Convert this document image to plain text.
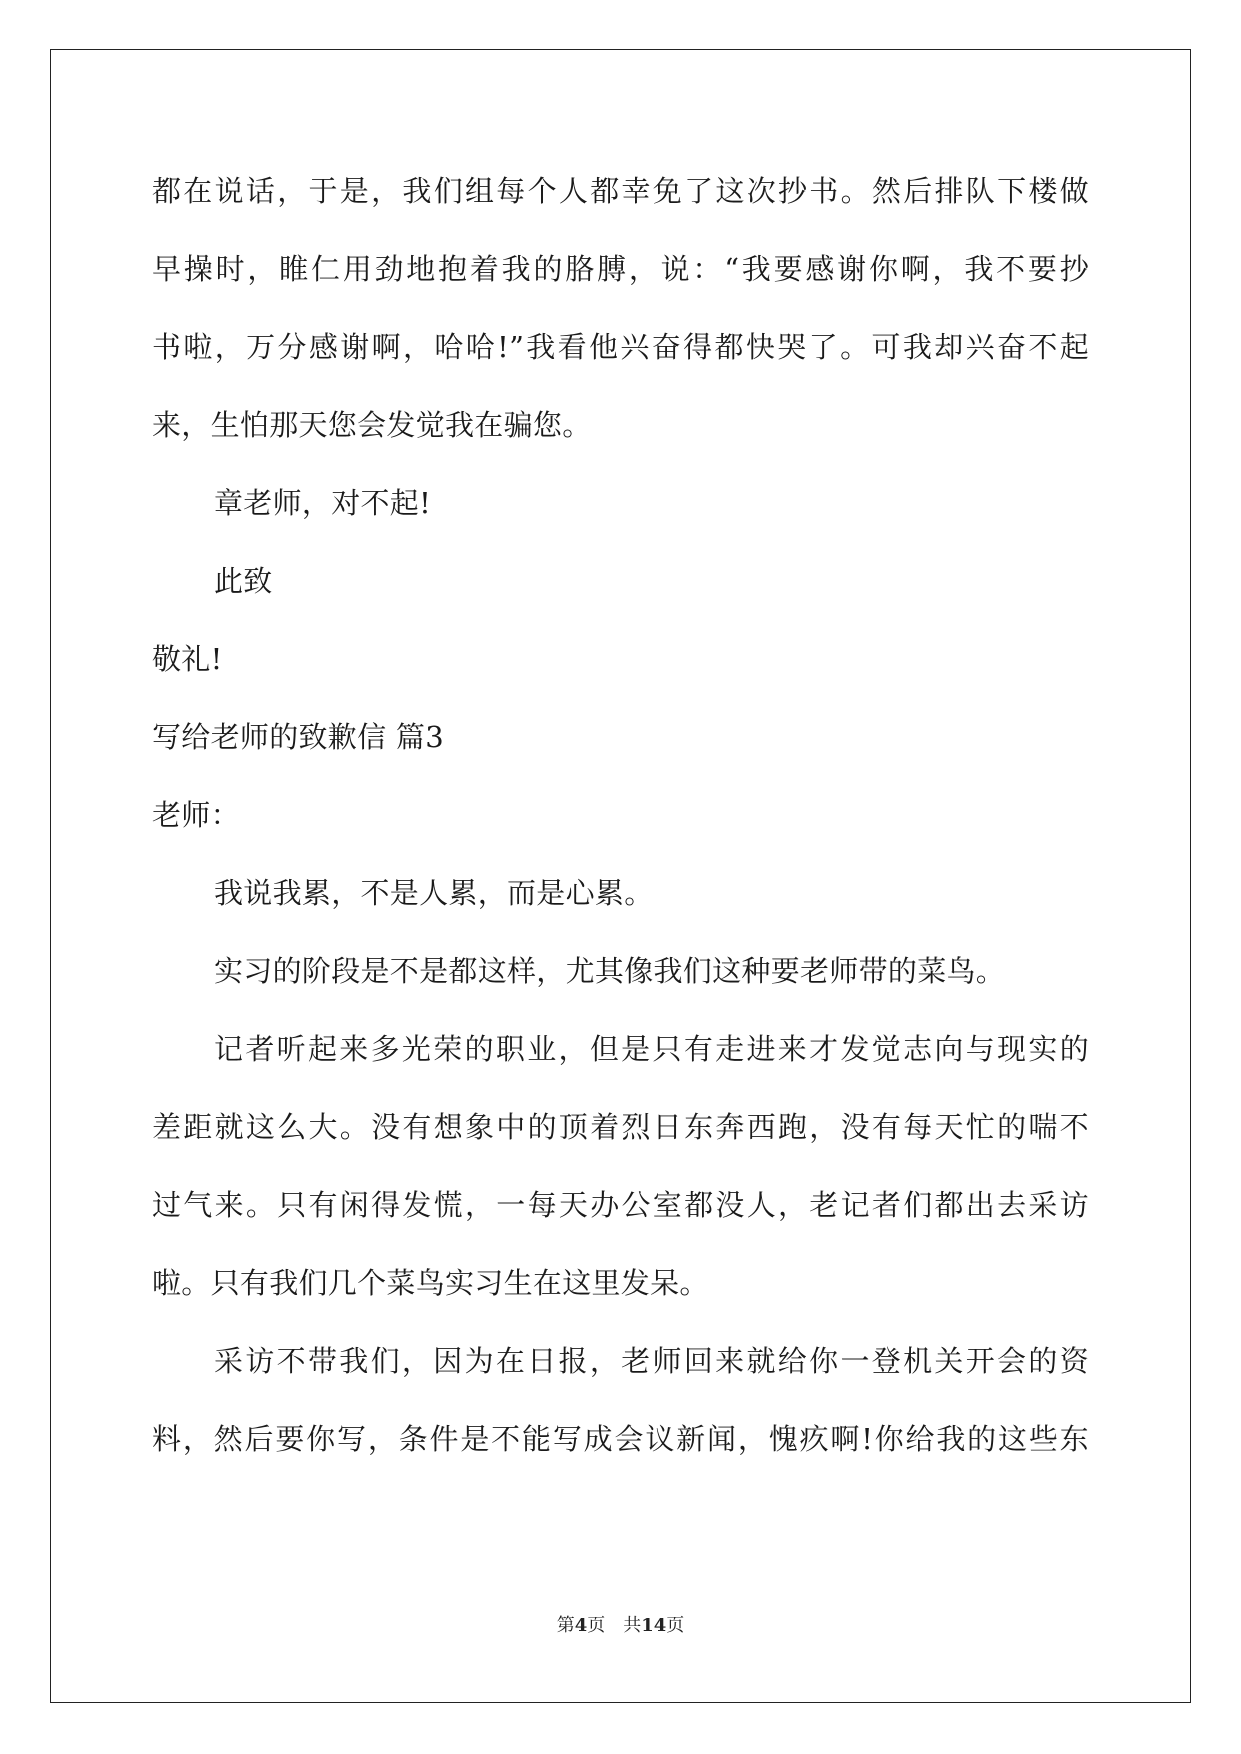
都在说话，于是，我们组每个人都幸免了这次抄书。然后排队下楼做
早操时，睢仁用劲地抱着我的胳膊，说：“我要感谢你啊，我不要抄
书啦，万分感谢啊，哈哈!”我看他兴奋得都快哭了。可我却兴奋不起
来，生怕那天您会发觉我在骗您。
章老师，对不起!
此致
敬礼!
写给老师的致歉信 篇3
老师：
我说我累，不是人累，而是心累。
实习的阶段是不是都这样，尤其像我们这种要老师带的菜鸟。
记者听起来多光荣的职业，但是只有走进来才发觉志向与现实的
差距就这么大。没有想象中的顶着烈日东奔西跑，没有每天忙的喘不
过气来。只有闲得发慌，一每天办公室都没人，老记者们都出去采访
啦。只有我们几个菜鸟实习生在这里发呆。
采访不带我们，因为在日报，老师回来就给你一登机关开会的资
料，然后要你写，条件是不能写成会议新闻，愧疚啊!你给我的这些东
第4页 共14页
